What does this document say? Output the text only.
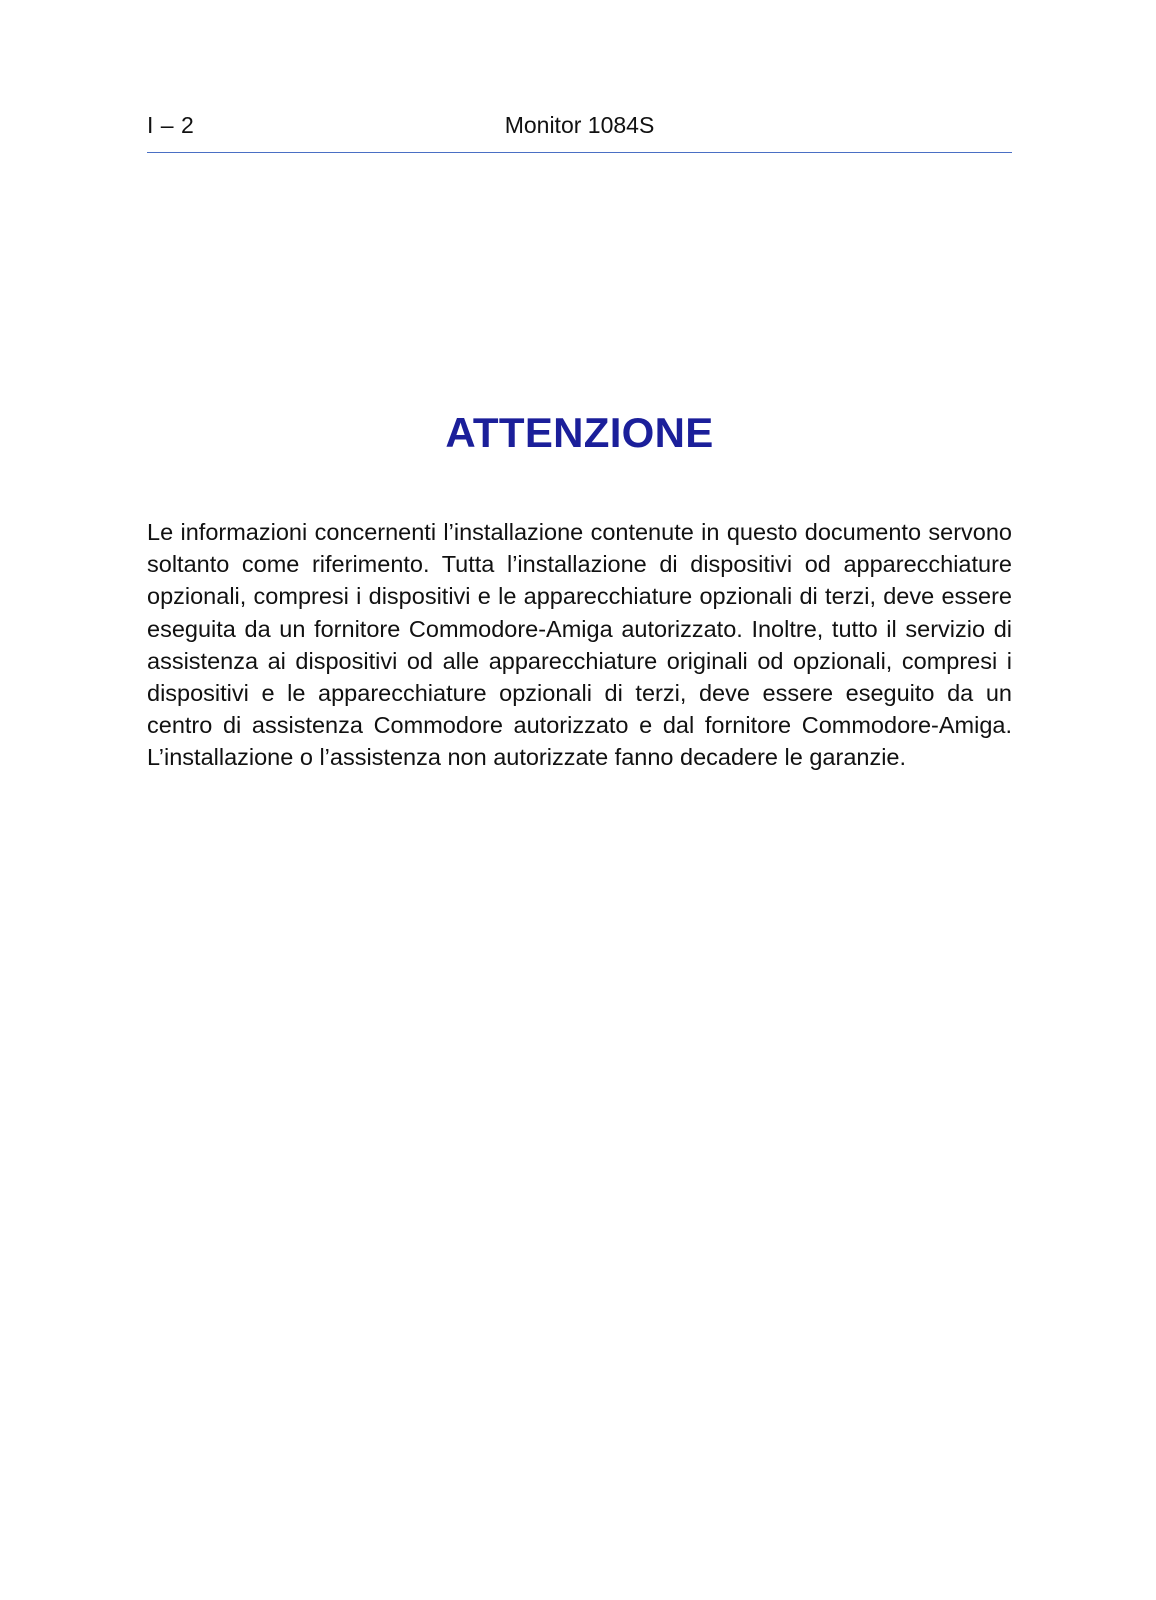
I – 2	Monitor 1084S
ATTENZIONE

Le informazioni concernenti l’installazione contenute in questo documento servono soltanto come riferimento. Tutta l’installazione di dispositivi od apparecchiature opzionali, compresi i dispositivi e le apparecchiature opzionali di terzi, deve essere eseguita da un fornitore Commodore-Amiga autorizzato. Inoltre, tutto il servizio di assistenza ai dispositivi od alle apparecchiature originali od opzionali, compresi i dispositivi e le apparecchiature opzionali di terzi, deve essere eseguito da un centro di assistenza Commodore autorizzato e dal fornitore Commodore-Amiga. L’installazione o l’assistenza non autorizzate fanno decadere le garanzie.
